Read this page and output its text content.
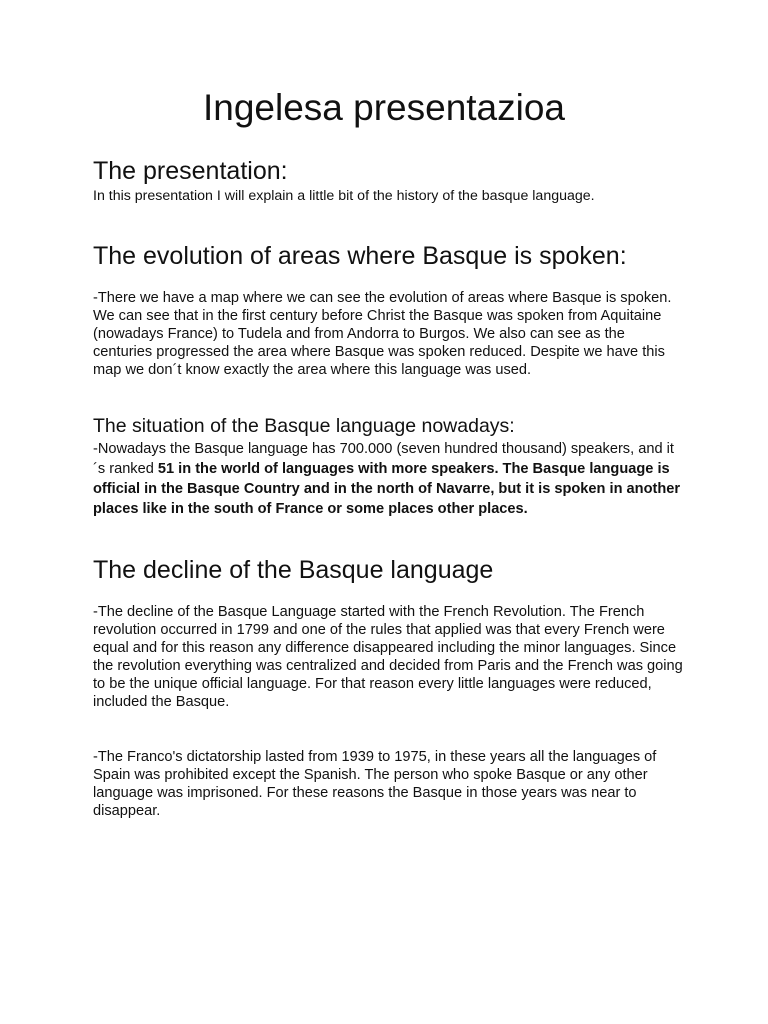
Ingelesa presentazioa
The presentation:

In this presentation I will explain a little bit of the history of the basque language.

The evolution of areas where Basque is spoken:

-There we have a map where we can see the evolution of areas where Basque is spoken. We can see that in the first century before Christ the Basque was spoken from Aquitaine (nowadays France) to Tudela and from Andorra to Burgos. We also can see as the centuries progressed the area where Basque was spoken reduced. Despite we have this map we don´t know exactly the area where this language was used.

The situation of the Basque language nowadays:

-Nowadays the Basque language has 700.000 (seven hundred thousand) speakers, and it´s ranked 51 in the world of languages with more speakers. The Basque language is official in the Basque Country and in the north of Navarre, but it is spoken in another places like in the south of France or some places other places.

The decline of the Basque language

-The decline of the Basque Language started with the French Revolution. The French revolution occurred in 1799 and one of the rules that applied was that every French were equal and for this reason any difference disappeared including the minor languages. Since the revolution everything was centralized and decided from Paris and the French was going to be the unique official language. For that reason every little languages were reduced, included the Basque.

-The Franco's dictatorship lasted from 1939 to 1975, in these years all the languages of Spain was prohibited except the Spanish. The person who spoke Basque or any other language was imprisoned. For these reasons the Basque in those years was near to disappear.
